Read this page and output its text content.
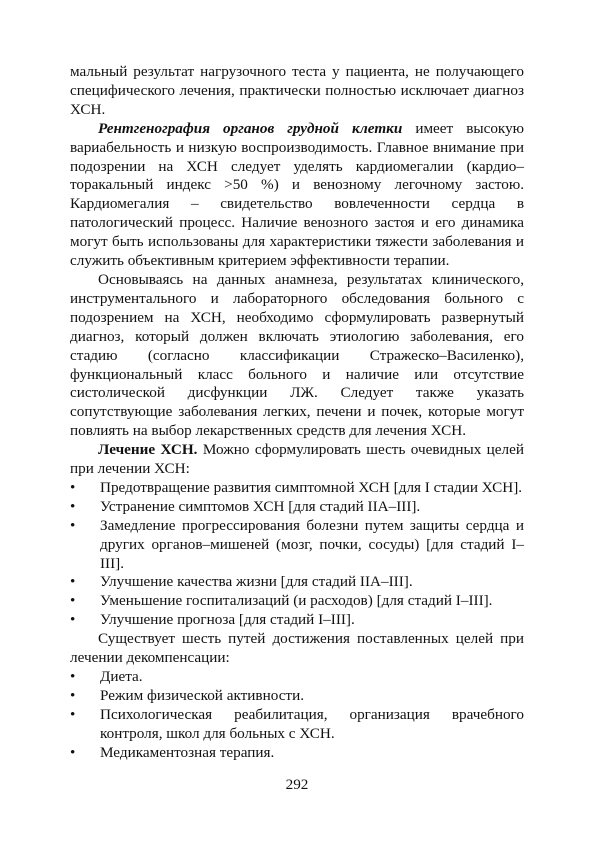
мальный результат нагрузочного теста у пациента, не получающего специфического лечения, практически полностью исключает диагноз ХСН.

Рентгенография органов грудной клетки имеет высокую вариабельность и низкую воспроизводимость. Главное внимание при подозрении на ХСН следует уделять кардиомегалии (кардио–торакальный индекс >50 %) и венозному легочному застою. Кардиомегалия – свидетельство вовлеченности сердца в патологический процесс. Наличие венозного застоя и его динамика могут быть использованы для характеристики тяжести заболевания и служить объективным критерием эффективности терапии.

Основываясь на данных анамнеза, результатах клинического, инструментального и лабораторного обследования больного с подозрением на ХСН, необходимо сформулировать развернутый диагноз, который должен включать этиологию заболевания, его стадию (согласно классификации Стражеско–Василенко), функциональный класс больного и наличие или отсутствие систолической дисфункции ЛЖ. Следует также указать сопутствующие заболевания легких, печени и почек, которые могут повлиять на выбор лекарственных средств для лечения ХСН.

Лечение ХСН. Можно сформулировать шесть очевидных целей при лечении ХСН:

• Предотвращение развития симптомной ХСН [для I стадии ХСН].
• Устранение симптомов ХСН [для стадий IIA–III].
• Замедление прогрессирования болезни путем защиты сердца и других органов–мишеней (мозг, почки, сосуды) [для стадий I–III].
• Улучшение качества жизни [для стадий IIA–III].
• Уменьшение госпитализаций (и расходов) [для стадий I–III].
• Улучшение прогноза [для стадий I–III].

Существует шесть путей достижения поставленных целей при лечении декомпенсации:

• Диета.
• Режим физической активности.
• Психологическая реабилитация, организация врачебного контроля, школ для больных с ХСН.
• Медикаментозная терапия.
292
